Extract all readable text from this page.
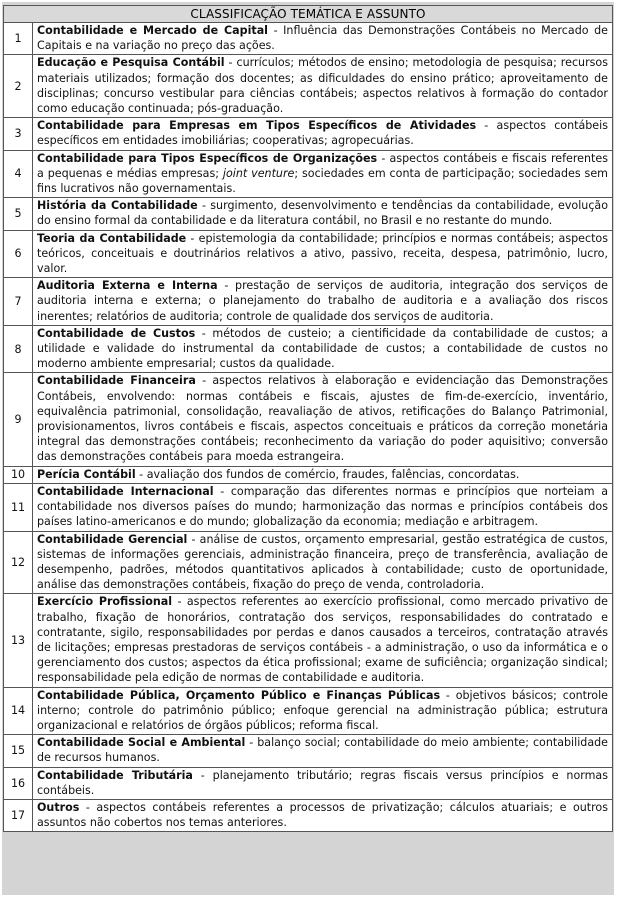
CLASSIFICAÇÃO TEMÁTICA E ASSUNTO	
1	Contabilidade e Mercado de Capital - Influência das Demonstrações Contábeis no Mercado de Capitais e na variação no preço das ações.
2	Educação e Pesquisa Contábil - currículos; métodos de ensino; metodologia de pesquisa; recursos materiais utilizados; formação dos docentes; as dificuldades do ensino prático; aproveitamento de disciplinas; concurso vestibular para ciências contábeis; aspectos relativos à formação do contador como educação continuada; pós-graduação.
3	Contabilidade para Empresas em Tipos Específicos de Atividades - aspectos contábeis específicos em entidades imobiliárias; cooperativas; agropecuárias.
4	Contabilidade para Tipos Específicos de Organizações - aspectos contábeis e fiscais referentes a pequenas e médias empresas; joint venture; sociedades em conta de participação; sociedades sem fins lucrativos não governamentais.
5	História da Contabilidade - surgimento, desenvolvimento e tendências da contabilidade, evolução do ensino formal da contabilidade e da literatura contábil, no Brasil e no restante do mundo.
6	Teoria da Contabilidade - epistemologia da contabilidade; princípios e normas contábeis; aspectos teóricos, conceituais e doutrinários relativos a ativo, passivo, receita, despesa, patrimônio, lucro, valor.
7	Auditoria Externa e Interna - prestação de serviços de auditoria, integração dos serviços de auditoria interna e externa; o planejamento do trabalho de auditoria e a avaliação dos riscos inerentes; relatórios de auditoria; controle de qualidade dos serviços de auditoria.
8	Contabilidade de Custos - métodos de custeio; a cientificidade da contabilidade de custos; a utilidade e validade do instrumental da contabilidade de custos; a contabilidade de custos no moderno ambiente empresarial; custos da qualidade.
9	Contabilidade Financeira - aspectos relativos à elaboração e evidenciação das Demonstrações Contábeis, envolvendo: normas contábeis e fiscais, ajustes de fim-de-exercício, inventário, equivalência patrimonial, consolidação, reavaliação de ativos, retificações do Balanço Patrimonial, provisionamentos, livros contábeis e fiscais, aspectos conceituais e práticos da correção monetária integral das demonstrações contábeis; reconhecimento da variação do poder aquisitivo; conversão das demonstrações contábeis para moeda estrangeira.
10	Perícia Contábil - avaliação dos fundos de comércio, fraudes, falências, concordatas.
11	Contabilidade Internacional - comparação das diferentes normas e princípios que norteiam a contabilidade nos diversos países do mundo; harmonização das normas e princípios contábeis dos países latino-americanos e do mundo; globalização da economia; mediação e arbitragem.
12	Contabilidade Gerencial - análise de custos, orçamento empresarial, gestão estratégica de custos, sistemas de informações gerenciais, administração financeira, preço de transferência, avaliação de desempenho, padrões, métodos quantitativos aplicados à contabilidade; custo de oportunidade, análise das demonstrações contábeis, fixação do preço de venda, controladoria.
13	Exercício Profissional - aspectos referentes ao exercício profissional, como mercado privativo de trabalho, fixação de honorários, contratação dos serviços, responsabilidades do contratado e contratante, sigilo, responsabilidades por perdas e danos causados a terceiros, contratação através de licitações; empresas prestadoras de serviços contábeis - a administração, o uso da informática e o gerenciamento dos custos; aspectos da ética profissional; exame de suficiência; organização sindical; responsabilidade pela edição de normas de contabilidade e auditoria.
14	Contabilidade Pública, Orçamento Público e Finanças Públicas - objetivos básicos; controle interno; controle do patrimônio público; enfoque gerencial na administração pública; estrutura organizacional e relatórios de órgãos públicos; reforma fiscal.
15	Contabilidade Social e Ambiental - balanço social; contabilidade do meio ambiente; contabilidade de recursos humanos.
16	Contabilidade Tributária - planejamento tributário; regras fiscais versus princípios e normas contábeis.
17	Outros - aspectos contábeis referentes a processos de privatização; cálculos atuariais; e outros assuntos não cobertos nos temas anteriores.
